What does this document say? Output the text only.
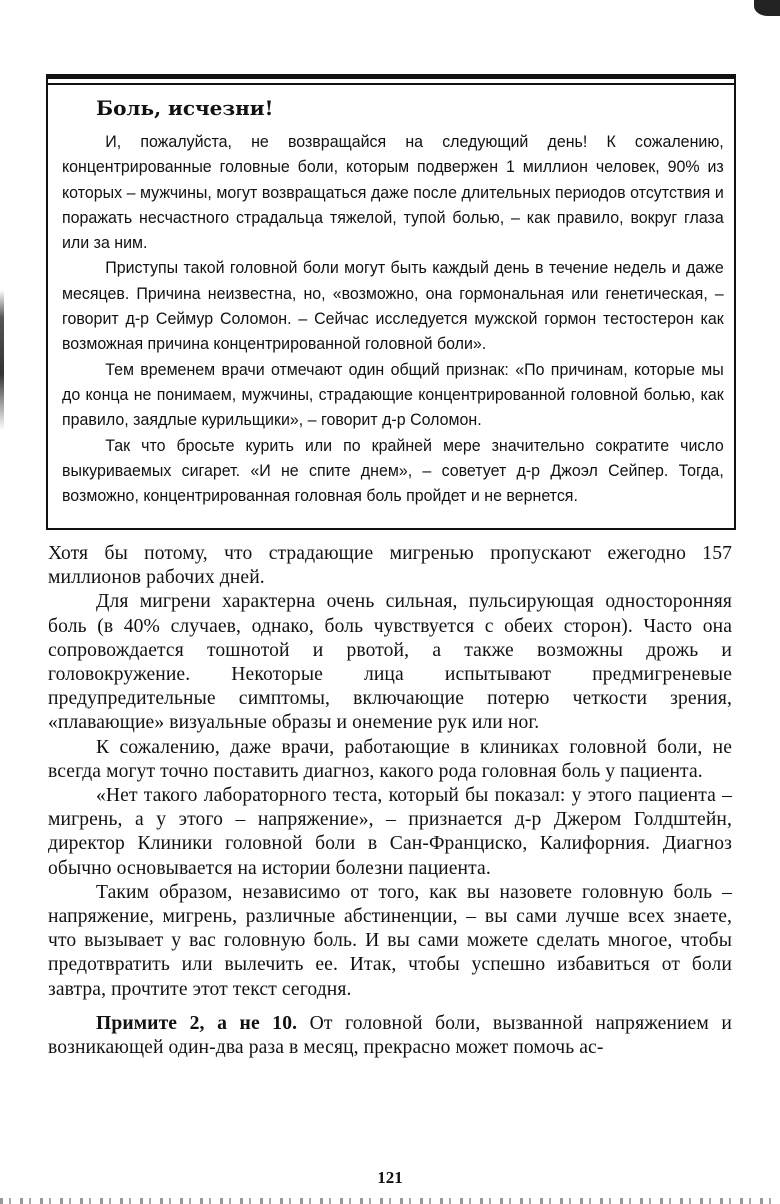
Боль, исчезни!

И, пожалуйста, не возвращайся на следующий день! К сожалению, концентрированные головные боли, которым подвержен 1 миллион человек, 90% из которых – мужчины, могут возвращаться даже после длительных периодов отсутствия и поражать несчастного страдальца тяжелой, тупой болью, – как правило, вокруг глаза или за ним.

Приступы такой головной боли могут быть каждый день в течение недель и даже месяцев. Причина неизвестна, но, «возможно, она гормональная или генетическая, – говорит д-р Сеймур Соломон. – Сейчас исследуется мужской гормон тестостерон как возможная причина концентрированной головной боли».

Тем временем врачи отмечают один общий признак: «По причинам, которые мы до конца не понимаем, мужчины, страдающие концентрированной головной болью, как правило, заядлые курильщики», – говорит д-р Соломон.

Так что бросьте курить или по крайней мере значительно сократите число выкуриваемых сигарет. «И не спите днем», – советует д-р Джоэл Сейпер. Тогда, возможно, концентрированная головная боль пройдет и не вернется.

Хотя бы потому, что страдающие мигренью пропускают ежегодно 157 миллионов рабочих дней.

Для мигрени характерна очень сильная, пульсирующая односторонняя боль (в 40% случаев, однако, боль чувствуется с обеих сторон). Часто она сопровождается тошнотой и рвотой, а также возможны дрожь и головокружение. Некоторые лица испытывают предмигреневые предупредительные симптомы, включающие потерю четкости зрения, «плавающие» визуальные образы и онемение рук или ног.

К сожалению, даже врачи, работающие в клиниках головной боли, не всегда могут точно поставить диагноз, какого рода головная боль у пациента.

«Нет такого лабораторного теста, который бы показал: у этого пациента – мигрень, а у этого – напряжение», – признается д-р Джером Голдштейн, директор Клиники головной боли в Сан-Франциско, Калифорния. Диагноз обычно основывается на истории болезни пациента.

Таким образом, независимо от того, как вы назовете головную боль – напряжение, мигрень, различные абстиненции, – вы сами лучше всех знаете, что вызывает у вас головную боль. И вы сами можете сделать многое, чтобы предотвратить или вылечить ее. Итак, чтобы успешно избавиться от боли завтра, прочтите этот текст сегодня.

Примите 2, а не 10. От головной боли, вызванной напряжением и возникающей один-два раза в месяц, прекрасно может помочь ас-

121
